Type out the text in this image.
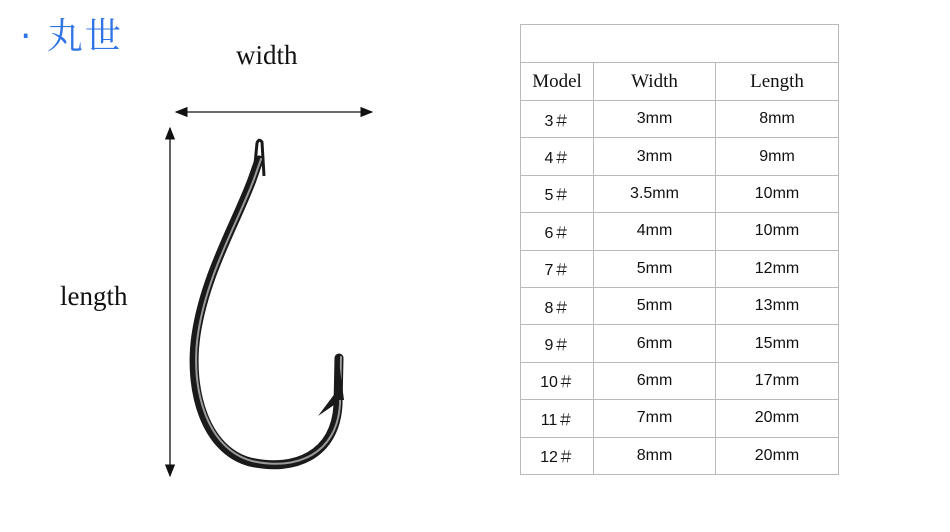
· 丸世	width
length

Model	Width	Length
3＃	3mm	8mm
4＃	3mm	9mm
5＃	3.5mm	10mm
6＃	4mm	10mm
7＃	5mm	12mm
8＃	5mm	13mm
9＃	6mm	15mm
10＃	6mm	17mm
11＃	7mm	20mm
12＃	8mm	20mm
